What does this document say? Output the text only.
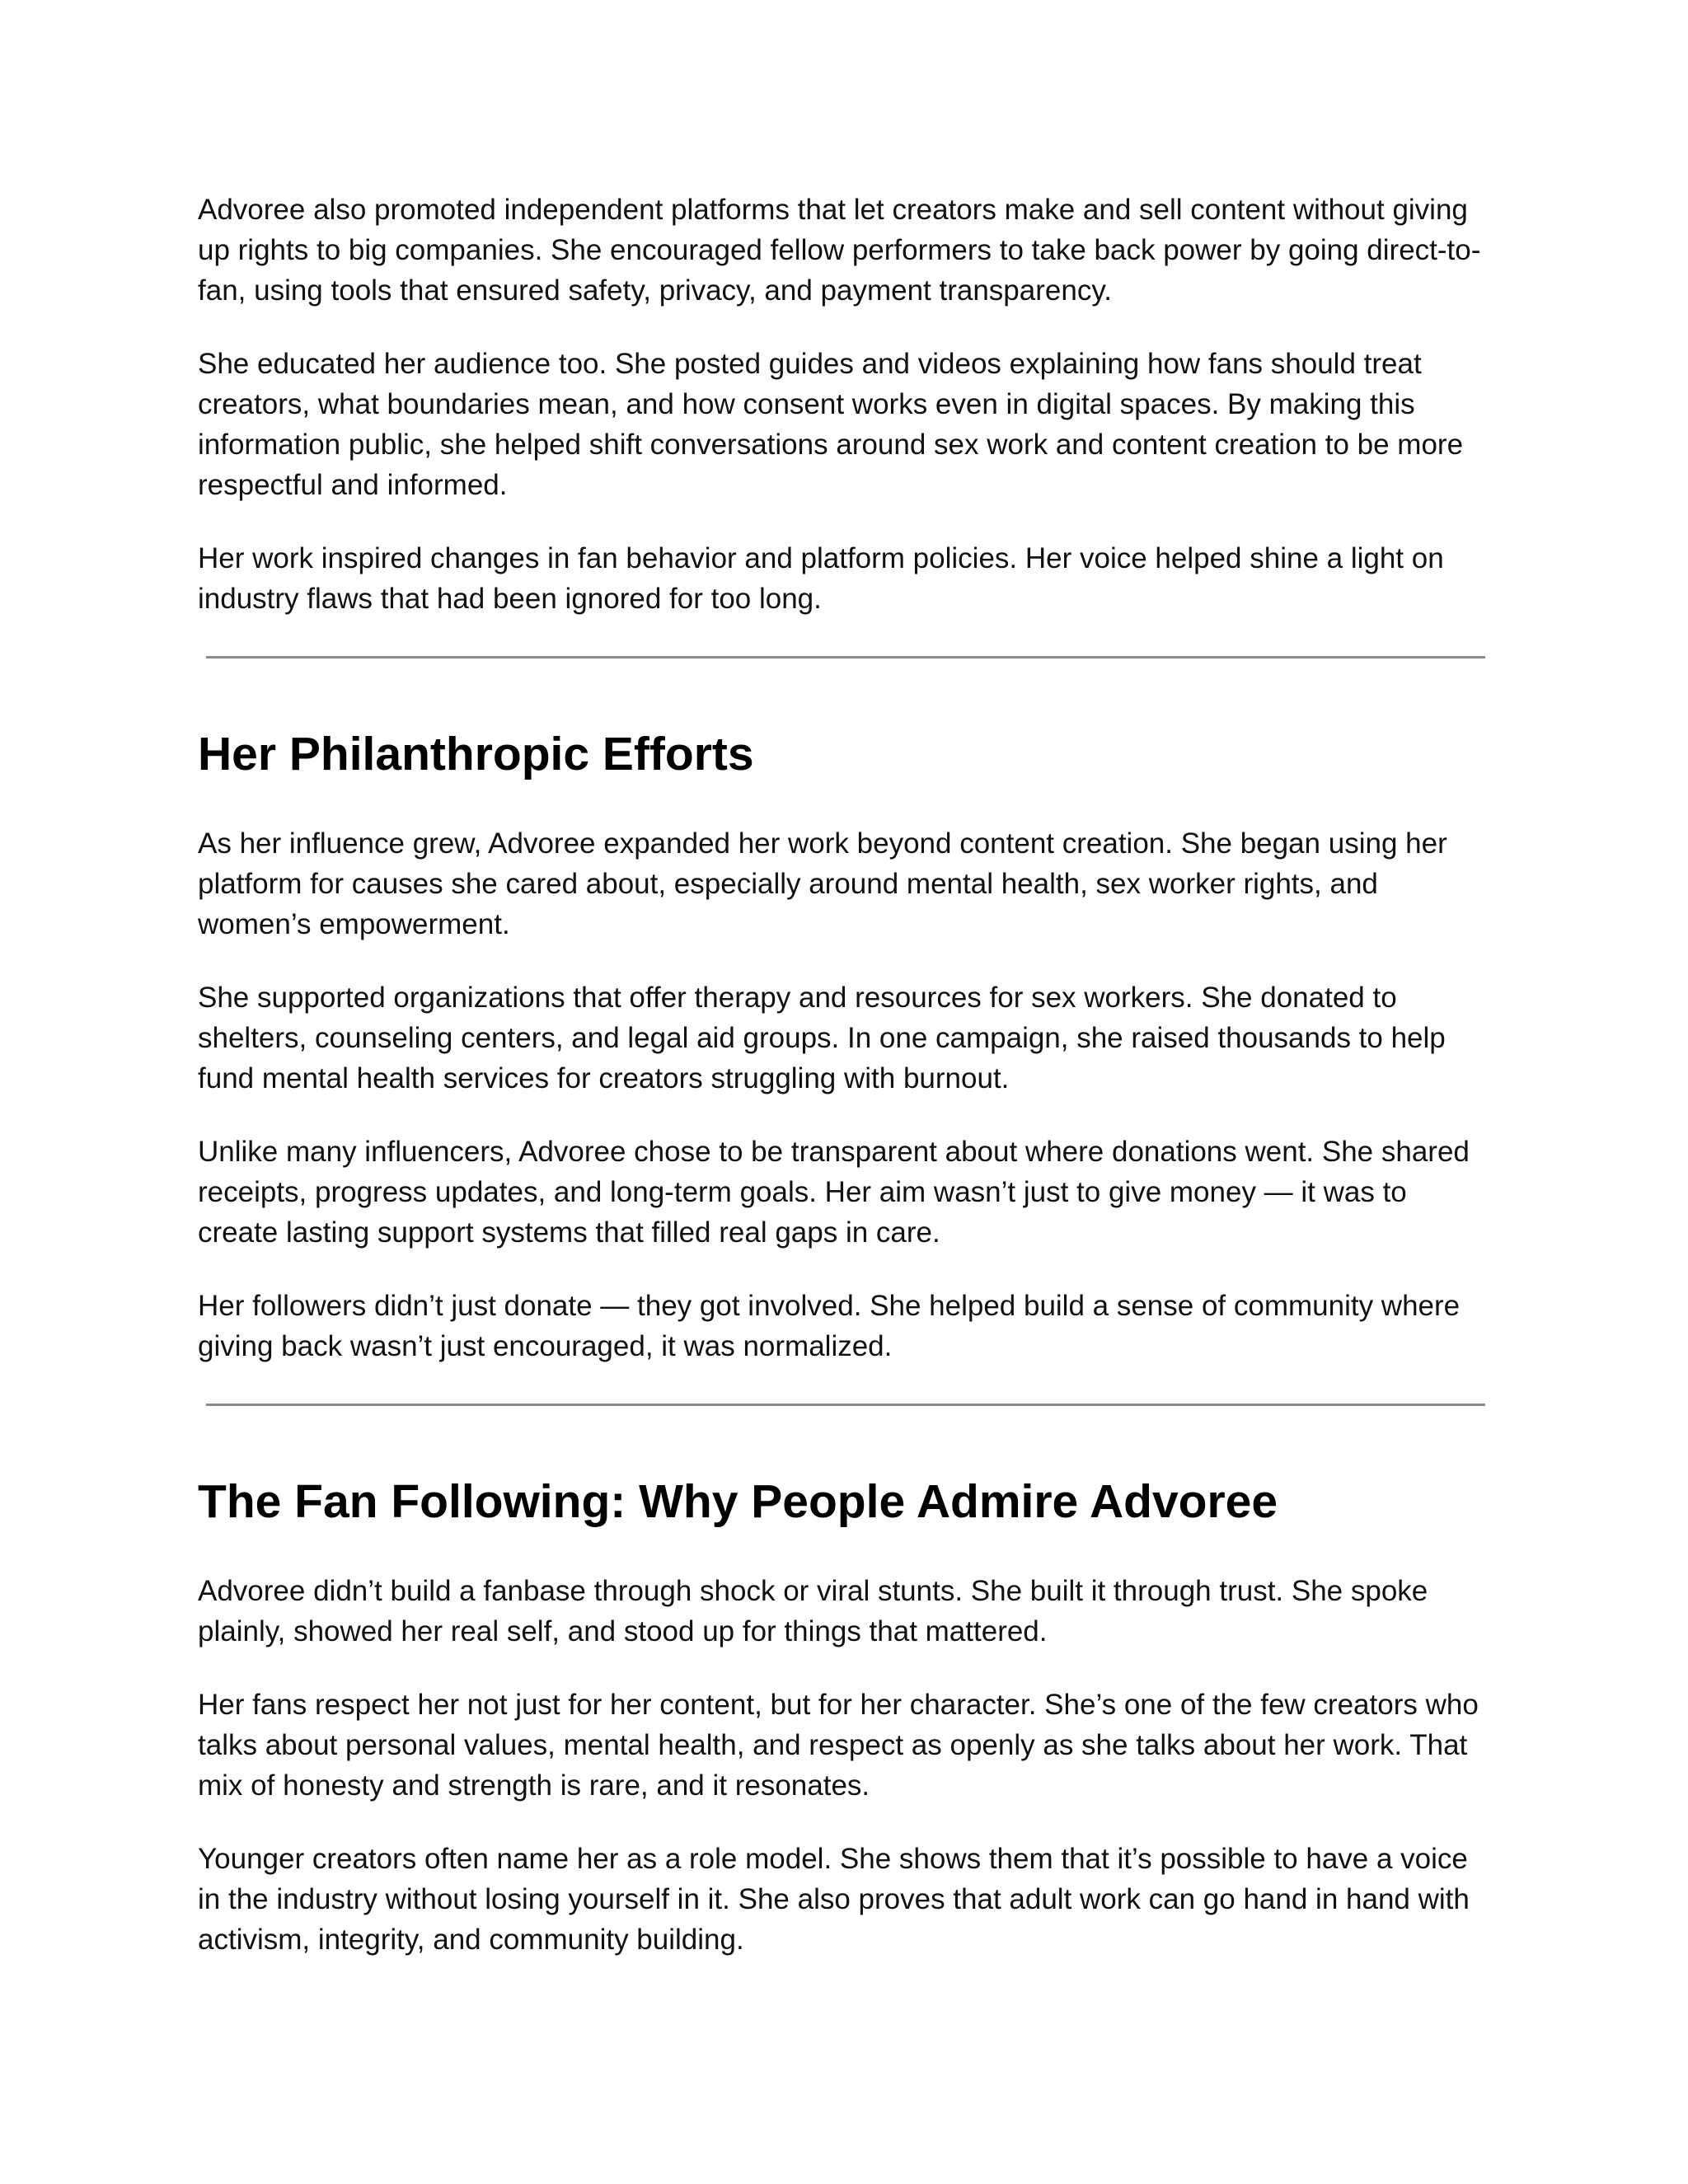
Advoree also promoted independent platforms that let creators make and sell content without giving up rights to big companies. She encouraged fellow performers to take back power by going direct-to-fan, using tools that ensured safety, privacy, and payment transparency.

She educated her audience too. She posted guides and videos explaining how fans should treat creators, what boundaries mean, and how consent works even in digital spaces. By making this information public, she helped shift conversations around sex work and content creation to be more respectful and informed.

Her work inspired changes in fan behavior and platform policies. Her voice helped shine a light on industry flaws that had been ignored for too long.

Her Philanthropic Efforts

As her influence grew, Advoree expanded her work beyond content creation. She began using her platform for causes she cared about, especially around mental health, sex worker rights, and women’s empowerment.

She supported organizations that offer therapy and resources for sex workers. She donated to shelters, counseling centers, and legal aid groups. In one campaign, she raised thousands to help fund mental health services for creators struggling with burnout.

Unlike many influencers, Advoree chose to be transparent about where donations went. She shared receipts, progress updates, and long-term goals. Her aim wasn’t just to give money — it was to create lasting support systems that filled real gaps in care.

Her followers didn’t just donate — they got involved. She helped build a sense of community where giving back wasn’t just encouraged, it was normalized.

The Fan Following: Why People Admire Advoree

Advoree didn’t build a fanbase through shock or viral stunts. She built it through trust. She spoke plainly, showed her real self, and stood up for things that mattered.

Her fans respect her not just for her content, but for her character. She’s one of the few creators who talks about personal values, mental health, and respect as openly as she talks about her work. That mix of honesty and strength is rare, and it resonates.

Younger creators often name her as a role model. She shows them that it’s possible to have a voice in the industry without losing yourself in it. She also proves that adult work can go hand in hand with activism, integrity, and community building.
